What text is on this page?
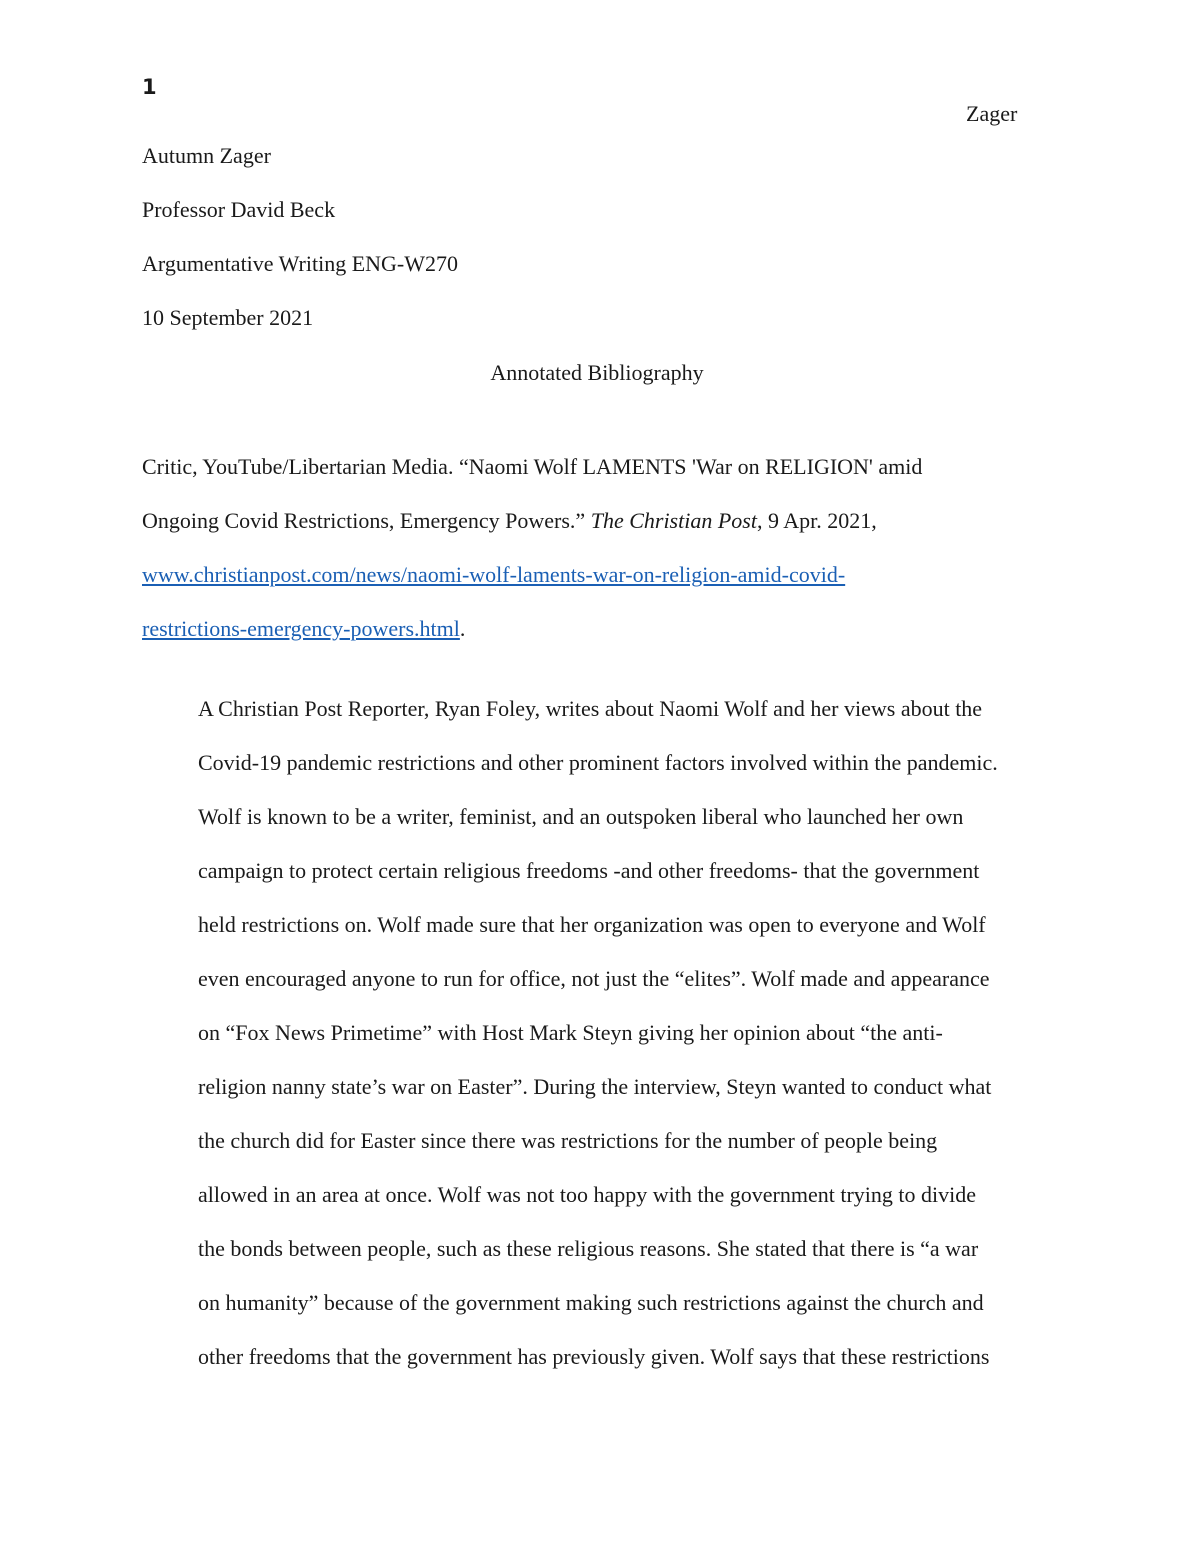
1
Zager
Autumn Zager
Professor David Beck
Argumentative Writing ENG-W270
10 September 2021
Annotated Bibliography

Critic, YouTube/Libertarian Media. “Naomi Wolf LAMENTS 'War on RELIGION' amid
Ongoing Covid Restrictions, Emergency Powers.” The Christian Post, 9 Apr. 2021,
www.christianpost.com/news/naomi-wolf-laments-war-on-religion-amid-covid-
restrictions-emergency-powers.html.

A Christian Post Reporter, Ryan Foley, writes about Naomi Wolf and her views about the
Covid-19 pandemic restrictions and other prominent factors involved within the pandemic.
Wolf is known to be a writer, feminist, and an outspoken liberal who launched her own
campaign to protect certain religious freedoms -and other freedoms- that the government
held restrictions on. Wolf made sure that her organization was open to everyone and Wolf
even encouraged anyone to run for office, not just the “elites”. Wolf made and appearance
on “Fox News Primetime” with Host Mark Steyn giving her opinion about “the anti-
religion nanny state’s war on Easter”. During the interview, Steyn wanted to conduct what
the church did for Easter since there was restrictions for the number of people being
allowed in an area at once. Wolf was not too happy with the government trying to divide
the bonds between people, such as these religious reasons. She stated that there is “a war
on humanity” because of the government making such restrictions against the church and
other freedoms that the government has previously given. Wolf says that these restrictions
